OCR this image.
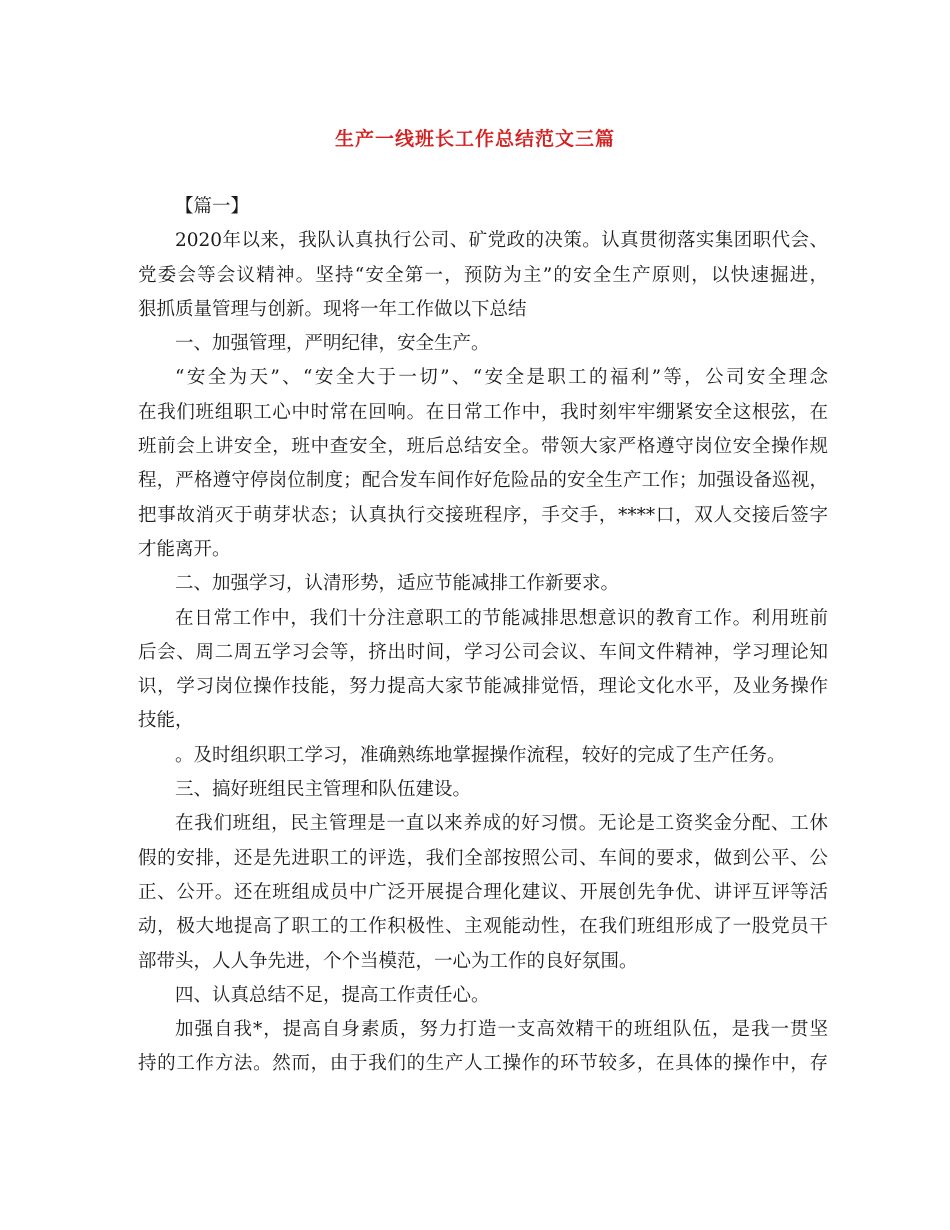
生产一线班长工作总结范文三篇
【篇一】
2020年以来，我队认真执行公司、矿党政的决策。认真贯彻落实集团职代会、
党委会等会议精神。坚持“安全第一，预防为主”的安全生产原则，以快速掘进，
狠抓质量管理与创新。现将一年工作做以下总结
一、加强管理，严明纪律，安全生产。
“安全为天”、“安全大于一切”、“安全是职工的福利”等，公司安全理念
在我们班组职工心中时常在回响。在日常工作中，我时刻牢牢绷紧安全这根弦，在
班前会上讲安全，班中查安全，班后总结安全。带领大家严格遵守岗位安全操作规
程，严格遵守停岗位制度；配合发车间作好危险品的安全生产工作；加强设备巡视，
把事故消灭于萌芽状态；认真执行交接班程序，手交手，****口，双人交接后签字
才能离开。
二、加强学习，认清形势，适应节能减排工作新要求。
在日常工作中，我们十分注意职工的节能减排思想意识的教育工作。利用班前
后会、周二周五学习会等，挤出时间，学习公司会议、车间文件精神，学习理论知
识，学习岗位操作技能，努力提高大家节能减排觉悟，理论文化水平，及业务操作
技能，
。及时组织职工学习，准确熟练地掌握操作流程，较好的完成了生产任务。
三、搞好班组民主管理和队伍建设。
在我们班组，民主管理是一直以来养成的好习惯。无论是工资奖金分配、工休
假的安排，还是先进职工的评选，我们全部按照公司、车间的要求，做到公平、公
正、公开。还在班组成员中广泛开展提合理化建议、开展创先争优、讲评互评等活
动，极大地提高了职工的工作积极性、主观能动性，在我们班组形成了一股党员干
部带头，人人争先进，个个当模范，一心为工作的良好氛围。
四、认真总结不足，提高工作责任心。
加强自我*，提高自身素质，努力打造一支高效精干的班组队伍，是我一贯坚
持的工作方法。然而，由于我们的生产人工操作的环节较多，在具体的操作中，存
